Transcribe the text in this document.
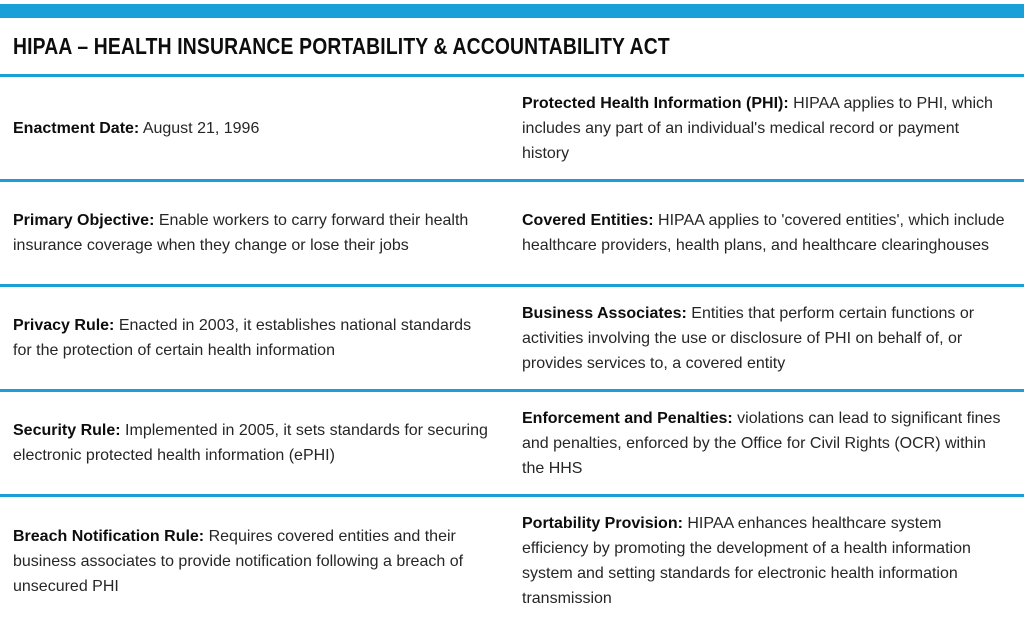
HIPAA – HEALTH INSURANCE PORTABILITY & ACCOUNTABILITY ACT
Enactment Date: August 21, 1996
Protected Health Information (PHI): HIPAA applies to PHI, which includes any part of an individual's medical record or payment history
Primary Objective: Enable workers to carry forward their health insurance coverage when they change or lose their jobs
Covered Entities: HIPAA applies to 'covered entities', which include healthcare providers, health plans, and healthcare clearinghouses
Privacy Rule: Enacted in 2003, it establishes national standards for the protection of certain health information
Business Associates: Entities that perform certain functions or activities involving the use or disclosure of PHI on behalf of, or provides services to, a covered entity
Security Rule: Implemented in 2005, it sets standards for securing electronic protected health information (ePHI)
Enforcement and Penalties: violations can lead to significant fines and penalties, enforced by the Office for Civil Rights (OCR) within the HHS
Breach Notification Rule: Requires covered entities and their business associates to provide notification following a breach of unsecured PHI
Portability Provision: HIPAA enhances healthcare system efficiency by promoting the development of a health information system and setting standards for electronic health information transmission
